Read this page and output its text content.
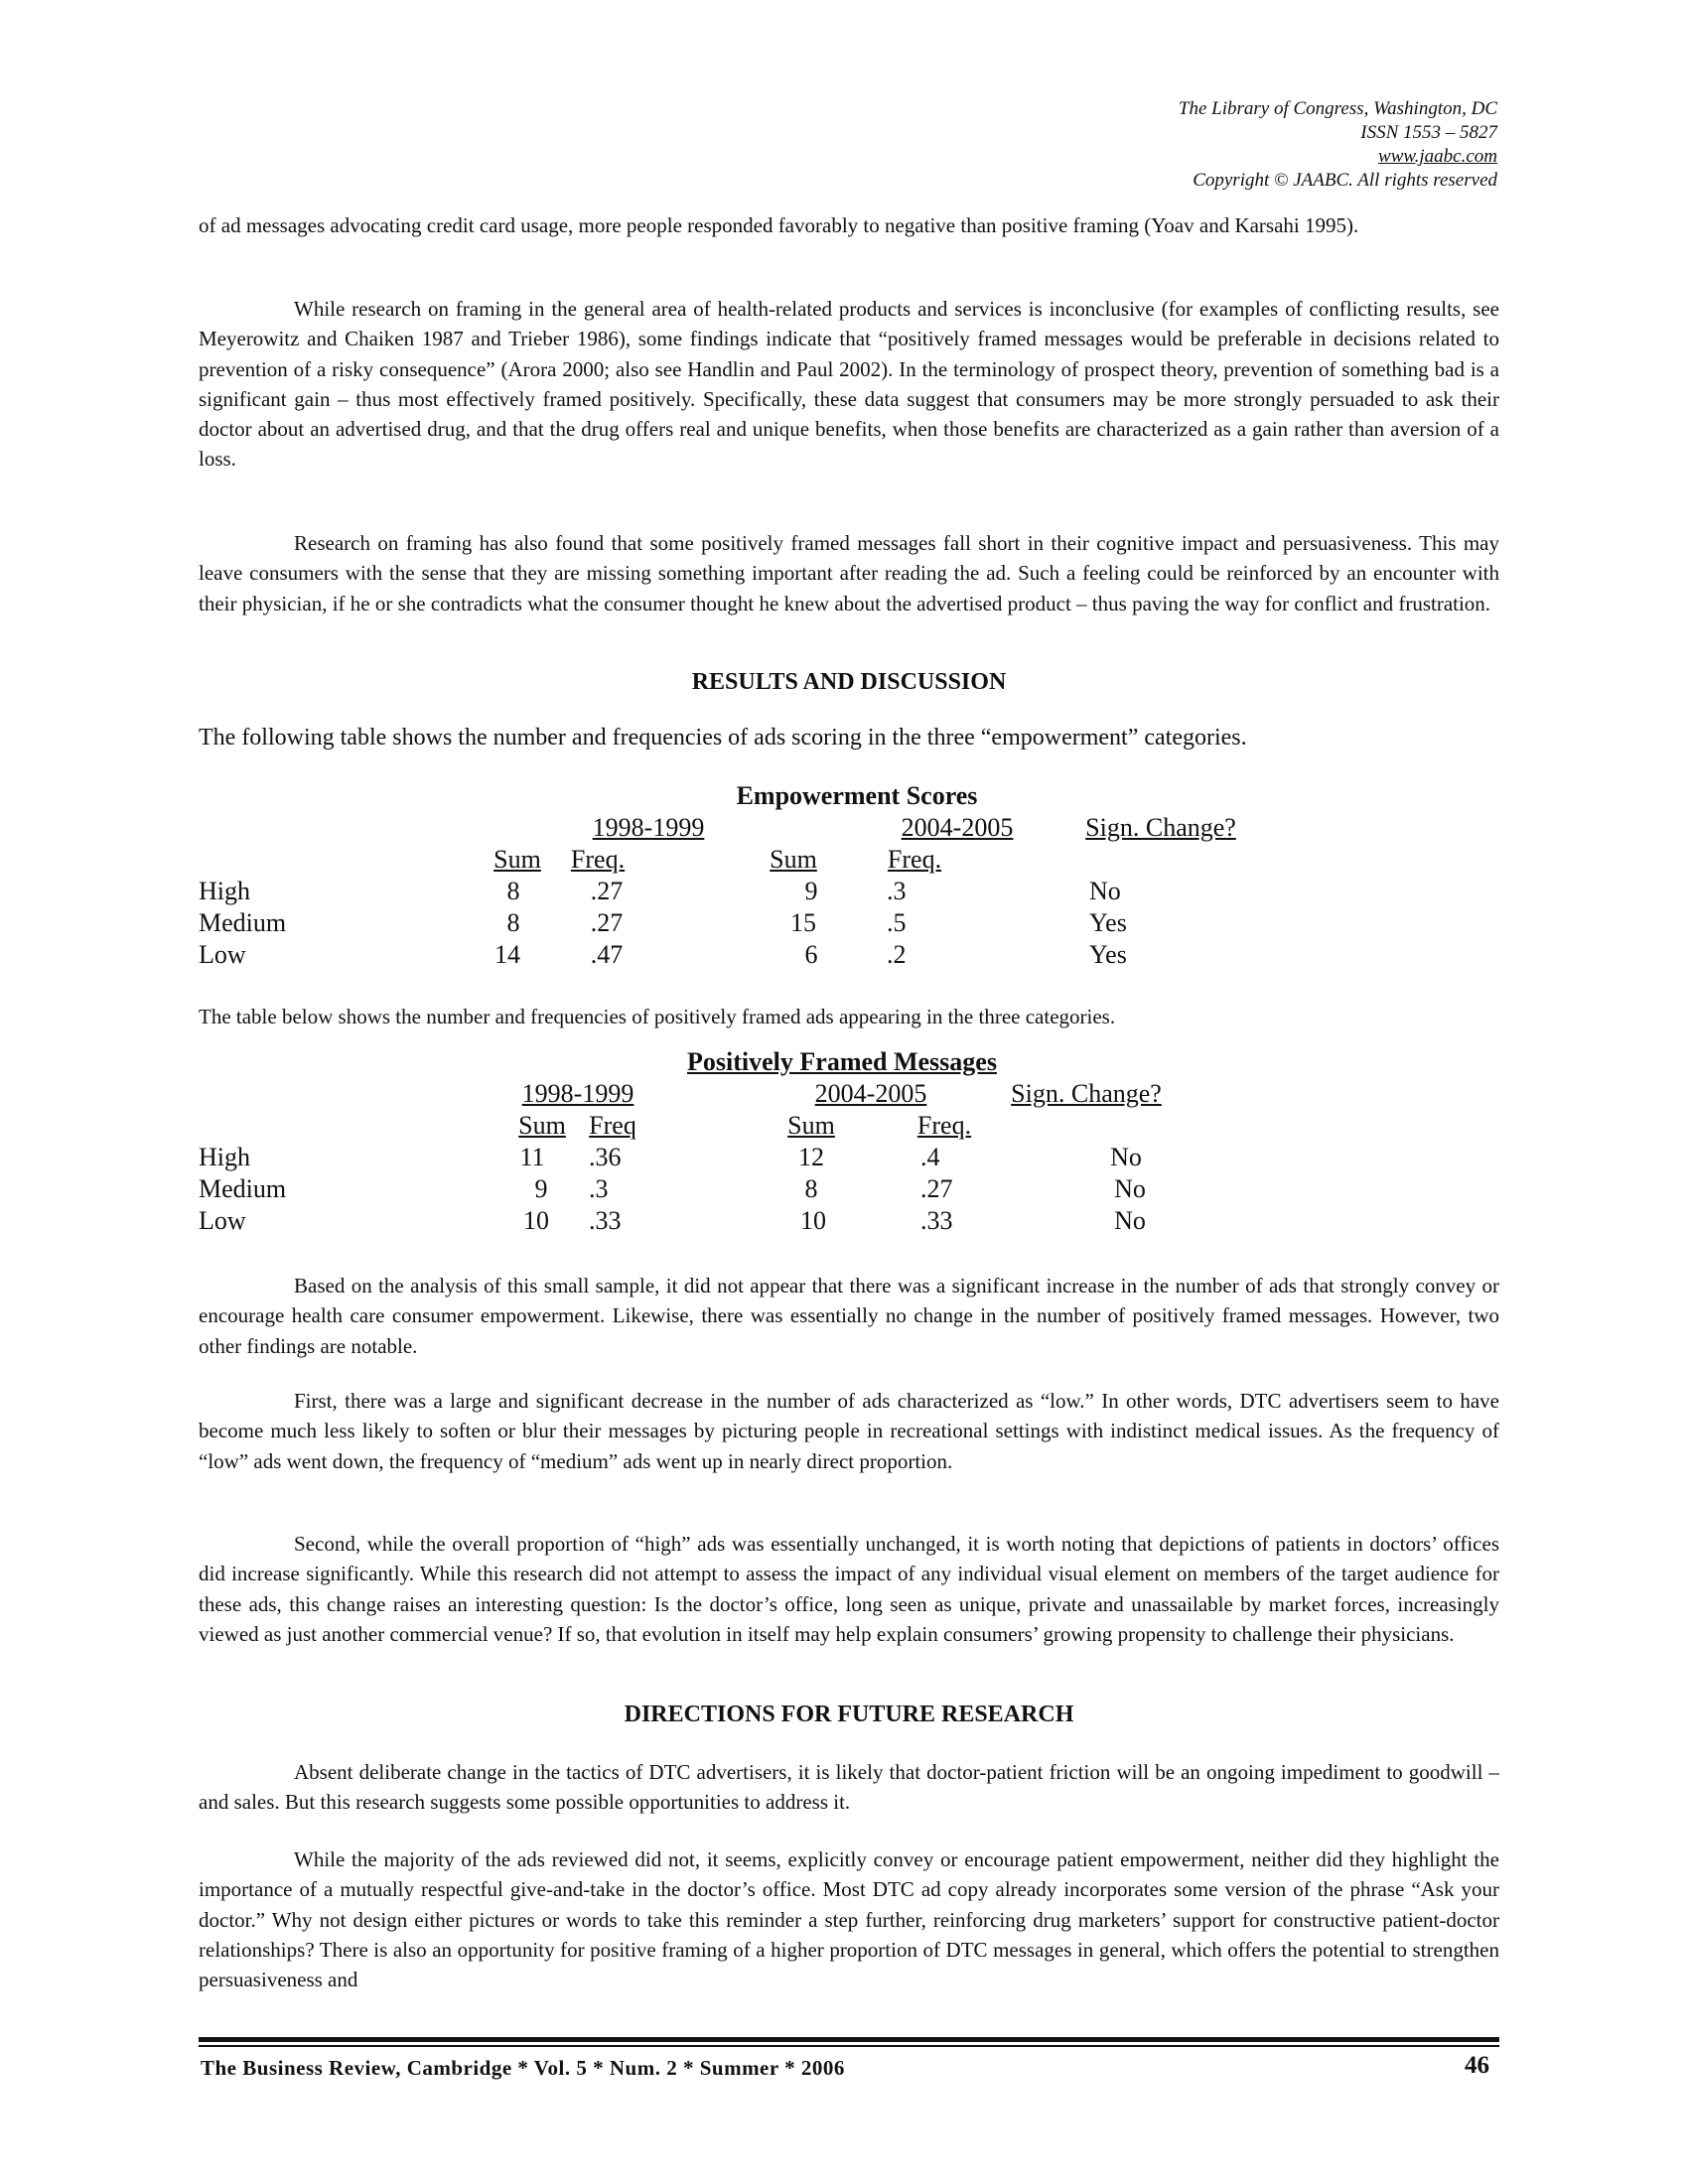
The Library of Congress, Washington, DC
ISSN 1553 – 5827
www.jaabc.com
Copyright © JAABC. All rights reserved
of ad messages advocating credit card usage, more people responded favorably to negative than positive framing (Yoav and Karsahi 1995).
While research on framing in the general area of health-related products and services is inconclusive (for examples of conflicting results, see Meyerowitz and Chaiken 1987 and Trieber 1986), some findings indicate that “positively framed messages would be preferable in decisions related to prevention of a risky consequence” (Arora 2000; also see Handlin and Paul 2002). In the terminology of prospect theory, prevention of something bad is a significant gain – thus most effectively framed positively. Specifically, these data suggest that consumers may be more strongly persuaded to ask their doctor about an advertised drug, and that the drug offers real and unique benefits, when those benefits are characterized as a gain rather than aversion of a loss.
Research on framing has also found that some positively framed messages fall short in their cognitive impact and persuasiveness. This may leave consumers with the sense that they are missing something important after reading the ad. Such a feeling could be reinforced by an encounter with their physician, if he or she contradicts what the consumer thought he knew about the advertised product – thus paving the way for conflict and frustration.
RESULTS AND DISCUSSION
The following table shows the number and frequencies of ads scoring in the three “empowerment” categories.
Empowerment Scores
1998-1999	2004-2005	Sign. Change?
Sum Freq.	Sum	Freq.
High	8	.27	9	.3	No
Medium	8	.27	15	.5	Yes
Low	14	.47	6	.2	Yes
The table below shows the number and frequencies of positively framed ads appearing in the three categories.
Positively Framed Messages
1998-1999	2004-2005	Sign. Change?
Sum Freq	Sum	Freq.
High	11 .36	12	.4	No
Medium	9 .3	8	.27	No
Low	10 .33	10	.33	No
Based on the analysis of this small sample, it did not appear that there was a significant increase in the number of ads that strongly convey or encourage health care consumer empowerment. Likewise, there was essentially no change in the number of positively framed messages. However, two other findings are notable.
First, there was a large and significant decrease in the number of ads characterized as “low.” In other words, DTC advertisers seem to have become much less likely to soften or blur their messages by picturing people in recreational settings with indistinct medical issues. As the frequency of “low” ads went down, the frequency of “medium” ads went up in nearly direct proportion.
Second, while the overall proportion of “high” ads was essentially unchanged, it is worth noting that depictions of patients in doctors’ offices did increase significantly. While this research did not attempt to assess the impact of any individual visual element on members of the target audience for these ads, this change raises an interesting question: Is the doctor’s office, long seen as unique, private and unassailable by market forces, increasingly viewed as just another commercial venue? If so, that evolution in itself may help explain consumers’ growing propensity to challenge their physicians.
DIRECTIONS FOR FUTURE RESEARCH
Absent deliberate change in the tactics of DTC advertisers, it is likely that doctor-patient friction will be an ongoing impediment to goodwill – and sales. But this research suggests some possible opportunities to address it.
While the majority of the ads reviewed did not, it seems, explicitly convey or encourage patient empowerment, neither did they highlight the importance of a mutually respectful give-and-take in the doctor’s office. Most DTC ad copy already incorporates some version of the phrase “Ask your doctor.” Why not design either pictures or words to take this reminder a step further, reinforcing drug marketers’ support for constructive patient-doctor relationships? There is also an opportunity for positive framing of a higher proportion of DTC messages in general, which offers the potential to strengthen persuasiveness and
The Business Review, Cambridge * Vol. 5 * Num. 2 * Summer * 2006	46
